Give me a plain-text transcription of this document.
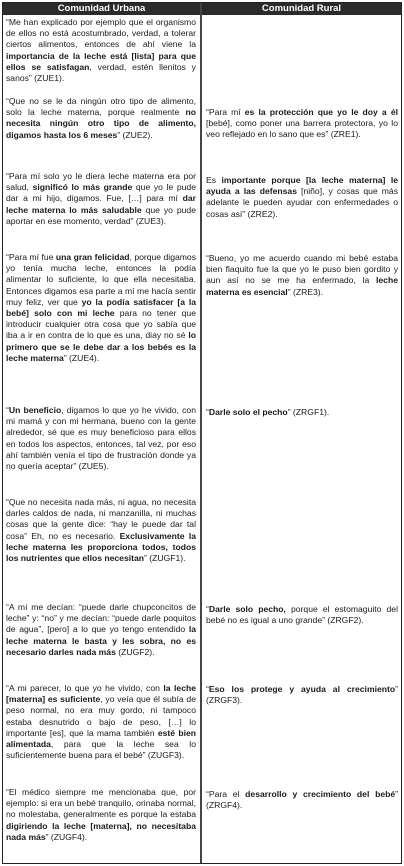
Comunidad Urbana	Comunidad Rural

“Me han explicado por ejemplo que el organismo de ellos no está acostumbrado, verdad, a tolerar ciertos alimentos, entonces de ahí viene la importancia de la leche está [lista] para que ellos se satisfagan, verdad, estén llenitos y sanos” (ZUE1).

“Que no se le da ningún otro tipo de alimento, solo la leche materna, porque realmente no necesita ningún otro tipo de alimento, digamos hasta los 6 meses” (ZUE2).

“Para mí solo yo le diera leche materna era por salud, significó lo más grande que yo le pude dar a mi hijo, digamos. Fue, […] para mí dar leche materna lo más saludable que yo pude aportar en ese momento, verdad” (ZUE3).

“Para mí fue una gran felicidad, porque digamos yo tenía mucha leche, entonces la podía alimentar lo suficiente, lo que ella necesitaba. Entonces digamos esa parte a mí me hacía sentir muy feliz, ver que yo la podía satisfacer [a la bebé] solo con mi leche para no tener que introducir cualquier otra cosa que yo sabía que iba a ir en contra de lo que es una, diay no sé lo primero que se le debe dar a los bebés es la leche materna” (ZUE4).

“Un beneficio, digamos lo que yo he vivido, con mi mamá y con mi hermana, bueno con la gente alrededor, sé que es muy beneficioso para ellos en todos los aspectos, entonces, tal vez, por eso ahí también venía el tipo de frustración donde ya no quería aceptar” (ZUE5).

“Que no necesita nada más, ni agua, no necesita darles caldos de nada, ni manzanilla, ni muchas cosas que la gente dice: “hay le puede dar tal cosa” Eh, no es necesario. Exclusivamente la leche materna les proporciona todos, todos los nutrientes que ellos necesitan” (ZUGF1).

“A mí me decían: “puede darle chupconcitos de leche” y: “no” y me decían: “puede darle poquitos de agua”, [pero] a lo que yo tengo entendido la leche materna le basta y les sobra, no es necesario darles nada más (ZUGF2).

“A mi parecer, lo que yo he vivido, con la leche [materna] es suficiente, yo veía que él subía de peso normal, no era muy gordo, ni tampoco estaba desnutrido o bajo de peso, […] lo importante [es], que la mama también esté bien alimentada, para que la leche sea lo suficientemente buena para el bebé” (ZUGF3).

“El médico siempre me mencionaba que, por ejemplo: si era un bebé tranquilo, orinaba normal, no molestaba, generalmente es porque la estaba digiriendo la leche [materna], no necesitaba nada más” (ZUGF4).

“Para mí es la protección que yo le doy a él [bebé], como poner una barrera protectora, yo lo veo reflejado en lo sano que es” (ZRE1).

Es importante porque [la leche materna] le ayuda a las defensas [niño], y cosas que más adelante le pueden ayudar con enfermedades o cosas así” (ZRE2).

“Bueno, yo me acuerdo cuando mi bebé estaba bien flaquito fue la que yo le puso bien gordito y aun así no se me ha enfermado, la leche materna es esencial” (ZRE3).

“Darle solo el pecho” (ZRGF1).

“Darle solo pecho, porque el estomaguito del bebé no es igual a uno grande” (ZRGF2).

“Eso los protege y ayuda al crecimiento” (ZRGF3).

“Para el desarrollo y crecimiento del bebé” (ZRGF4).
